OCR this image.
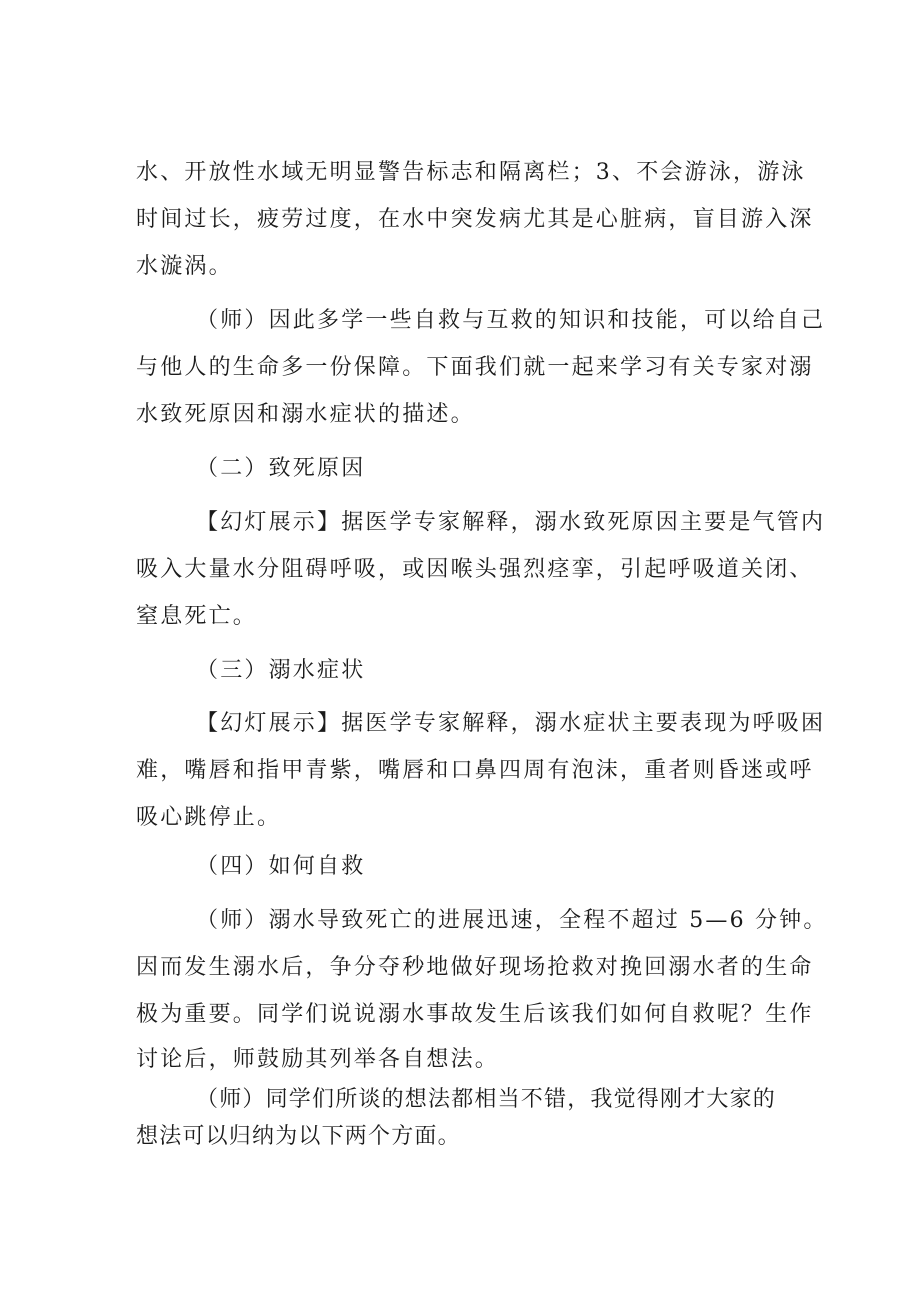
水、开放性水域无明显警告标志和隔离栏；3、不会游泳，游泳
时间过长，疲劳过度，在水中突发病尤其是心脏病，盲目游入深
水漩涡。
（师）因此多学一些自救与互救的知识和技能，可以给自己
与他人的生命多一份保障。下面我们就一起来学习有关专家对溺
水致死原因和溺水症状的描述。
（二）致死原因
【幻灯展示】据医学专家解释，溺水致死原因主要是气管内
吸入大量水分阻碍呼吸，或因喉头强烈痉挛，引起呼吸道关闭、
窒息死亡。
（三）溺水症状
【幻灯展示】据医学专家解释，溺水症状主要表现为呼吸困
难，嘴唇和指甲青紫，嘴唇和口鼻四周有泡沫，重者则昏迷或呼
吸心跳停止。
（四）如何自救
（师）溺水导致死亡的进展迅速，全程不超过 5—6 分钟。
因而发生溺水后，争分夺秒地做好现场抢救对挽回溺水者的生命
极为重要。同学们说说溺水事故发生后该我们如何自救呢？生作
讨论后，师鼓励其列举各自想法。
（师）同学们所谈的想法都相当不错，我觉得刚才大家的
想法可以归纳为以下两个方面。
